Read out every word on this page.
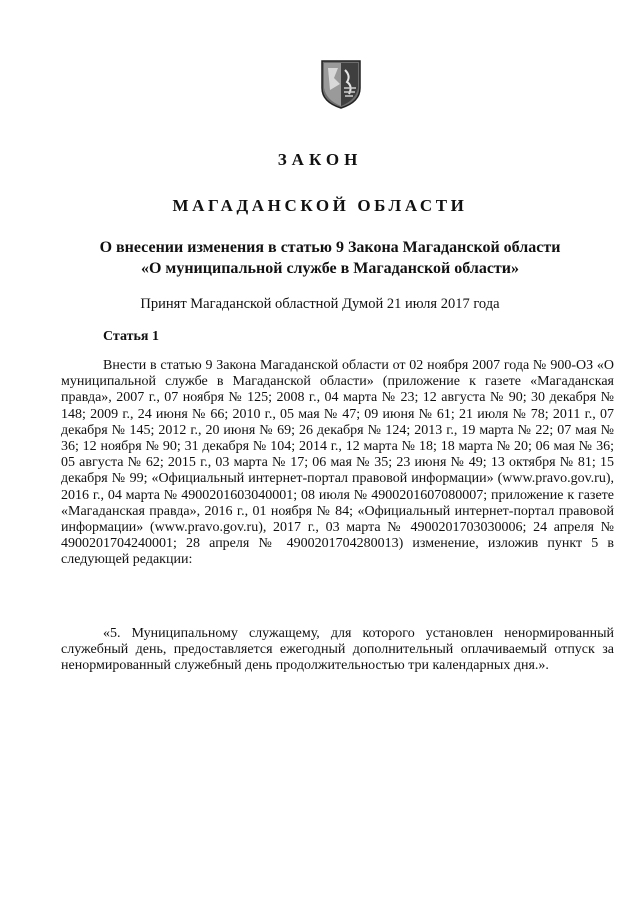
ЗАКОН
МАГАДАНСКОЙ ОБЛАСТИ
О внесении изменения в статью 9 Закона Магаданской области
«О муниципальной службе в Магаданской области»
Принят Магаданской областной Думой 21 июля 2017 года
Статья 1

Внести в статью 9 Закона Магаданской области от 02 ноября 2007 года № 900-ОЗ «О муниципальной службе в Магаданской области» (приложение к газете «Магаданская правда», 2007 г., 07 ноября № 125; 2008 г., 04 марта № 23; 12 августа № 90; 30 декабря № 148; 2009 г., 24 июня № 66; 2010 г., 05 мая № 47; 09 июня № 61; 21 июля № 78; 2011 г., 07 декабря № 145; 2012 г., 20 июня № 69; 26 декабря № 124; 2013 г., 19 марта № 22; 07 мая № 36; 12 ноября № 90; 31 декабря № 104; 2014 г., 12 марта № 18; 18 марта № 20; 06 мая № 36; 05 августа № 62; 2015 г., 03 марта № 17; 06 мая № 35; 23 июня № 49; 13 октября № 81; 15 декабря № 99; «Официальный интернет-портал правовой информации» (www.pravo.gov.ru), 2016 г., 04 марта № 4900201603040001; 08 июля № 4900201607080007; приложение к газете «Магаданская правда», 2016 г., 01 ноября № 84; «Официальный интернет-портал правовой информации» (www.pravo.gov.ru), 2017 г., 03 марта № 4900201703030006; 24 апреля № 4900201704240001; 28 апреля № 4900201704280013) изменение, изложив пункт 5 в следующей редакции:

«5. Муниципальному служащему, для которого установлен ненормированный служебный день, предоставляется ежегодный дополнительный оплачиваемый отпуск за ненормированный служебный день продолжительностью три календарных дня.».
